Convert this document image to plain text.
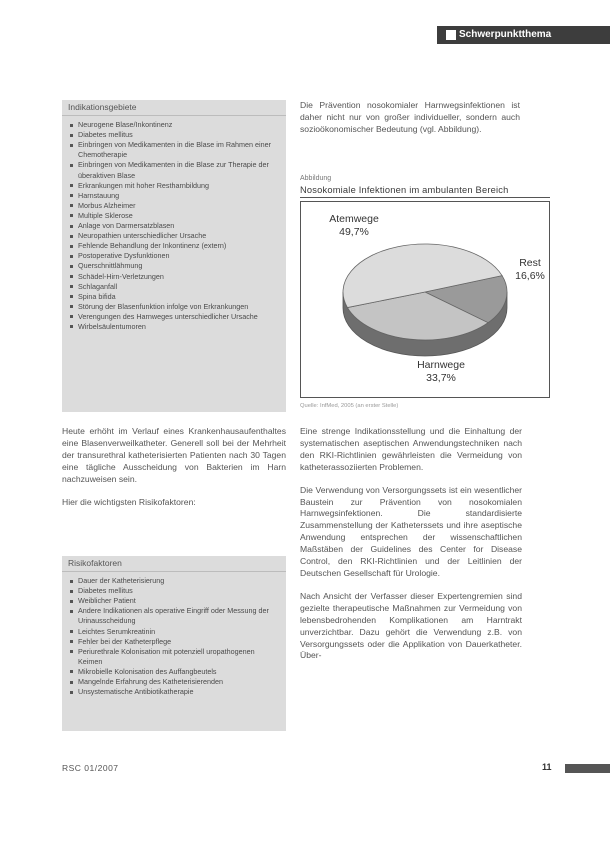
Schwerpunktthema
Indikationsgebiete
Neurogene Blase/Inkontinenz
Diabetes mellitus
Einbringen von Medikamenten in die Blase im Rahmen einer Chemotherapie
Einbringen von Medikamenten in die Blase zur Therapie der überaktiven Blase
Erkrankungen mit hoher Restharnbildung
Harnstauung
Morbus Alzheimer
Multiple Sklerose
Anlage von Darmersatzblasen
Neuropathien unterschiedlicher Ursache
Fehlende Behandlung der Inkontinenz (extern)
Postoperative Dysfunktionen
Querschnittlähmung
Schädel-Hirn-Verletzungen
Schlaganfall
Spina bifida
Störung der Blasenfunktion infolge von Erkrankungen
Verengungen des Harnweges unterschiedlicher Ursache
Wirbelsäulentumoren

Heute erhöht im Verlauf eines Krankenhausaufenthaltes eine Blasenverweilkatheter. Generell soll bei der Mehrheit der transurethral katheterisierten Patienten nach 30 Tagen eine tägliche Ausscheidung von Bakterien im Harn nachzuweisen sein.

Hier die wichtigsten Risikofaktoren:

Risikofaktoren
Dauer der Katheterisierung
Diabetes mellitus
Weiblicher Patient
Andere Indikationen als operative Eingriff oder Messung der Urinausscheidung
Leichtes Serumkreatinin
Fehler bei der Katheterpflege
Periurethrale Kolonisation mit potenziell uropathogenen Keimen
Mikrobielle Kolonisation des Auffangbeutels
Mangelnde Erfahrung des Katheterisierenden
Unsystematische Antibiotikatherapie

Die Prävention nosokomialer Harnwegsinfektionen ist daher nicht nur von großer individueller, sondern auch sozioökonomischer Bedeutung (vgl. Abbildung).

Abbildung
Nosokomiale Infektionen im ambulanten Bereich
Atemwege
49,7%
Rest
16,6%
Harnwege
33,7%
Quelle: InfMed, 2005 (an erster Stelle)

Eine strenge Indikationsstellung und die Einhaltung der systematischen aseptischen Anwendungstechniken nach den RKI-Richtlinien gewährleisten die Vermeidung von katheterassoziierten Problemen.

Die Verwendung von Versorgungssets ist ein wesentlicher Baustein zur Prävention von nosokomialen Harnwegsinfektionen. Die standardisierte Zusammenstellung der Katheterssets und ihre aseptische Anwendung entsprechen der wissenschaftlichen Maßstäben der Guidelines des Center for Disease Control, den RKI-Richtlinien und der Leitlinien der Deutschen Gesellschaft für Urologie.

Nach Ansicht der Verfasser dieser Expertengremien sind gezielte therapeutische Maßnahmen zur Vermeidung von lebensbedrohenden Komplikationen am Harntrakt unverzichtbar. Dazu gehört die Verwendung z.B. von Versorgungssets oder die Applikation von Dauerkatheter. Über-

RSC 01/2007	11
